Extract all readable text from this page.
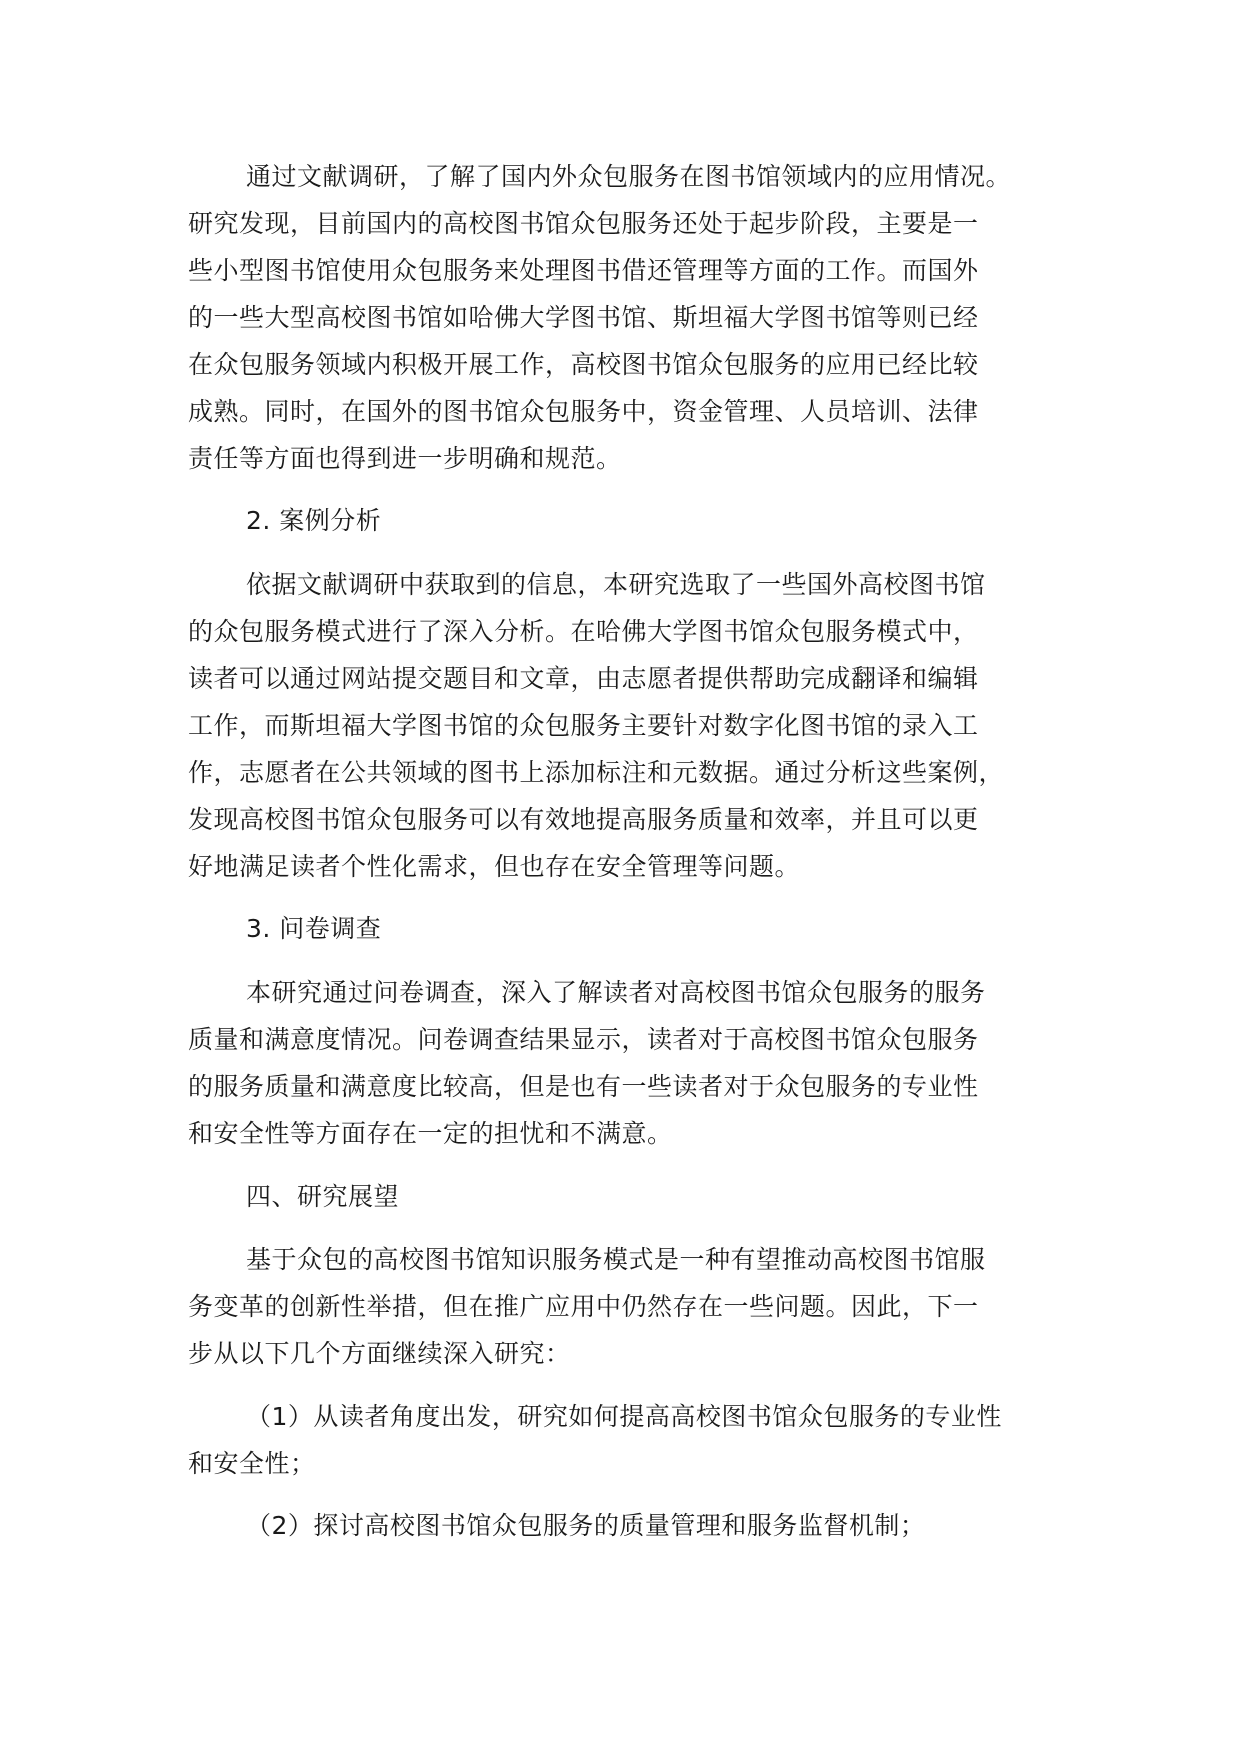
通过文献调研，了解了国内外众包服务在图书馆领域内的应用情况。
研究发现，目前国内的高校图书馆众包服务还处于起步阶段，主要是一
些小型图书馆使用众包服务来处理图书借还管理等方面的工作。而国外
的一些大型高校图书馆如哈佛大学图书馆、斯坦福大学图书馆等则已经
在众包服务领域内积极开展工作，高校图书馆众包服务的应用已经比较
成熟。同时，在国外的图书馆众包服务中，资金管理、人员培训、法律
责任等方面也得到进一步明确和规范。
2. 案例分析
依据文献调研中获取到的信息，本研究选取了一些国外高校图书馆
的众包服务模式进行了深入分析。在哈佛大学图书馆众包服务模式中，
读者可以通过网站提交题目和文章，由志愿者提供帮助完成翻译和编辑
工作，而斯坦福大学图书馆的众包服务主要针对数字化图书馆的录入工
作，志愿者在公共领域的图书上添加标注和元数据。通过分析这些案例，
发现高校图书馆众包服务可以有效地提高服务质量和效率，并且可以更
好地满足读者个性化需求，但也存在安全管理等问题。
3. 问卷调查
本研究通过问卷调查，深入了解读者对高校图书馆众包服务的服务
质量和满意度情况。问卷调查结果显示，读者对于高校图书馆众包服务
的服务质量和满意度比较高，但是也有一些读者对于众包服务的专业性
和安全性等方面存在一定的担忧和不满意。
四、研究展望
基于众包的高校图书馆知识服务模式是一种有望推动高校图书馆服
务变革的创新性举措，但在推广应用中仍然存在一些问题。因此，下一
步从以下几个方面继续深入研究：
（1）从读者角度出发，研究如何提高高校图书馆众包服务的专业性
和安全性；
（2）探讨高校图书馆众包服务的质量管理和服务监督机制；
